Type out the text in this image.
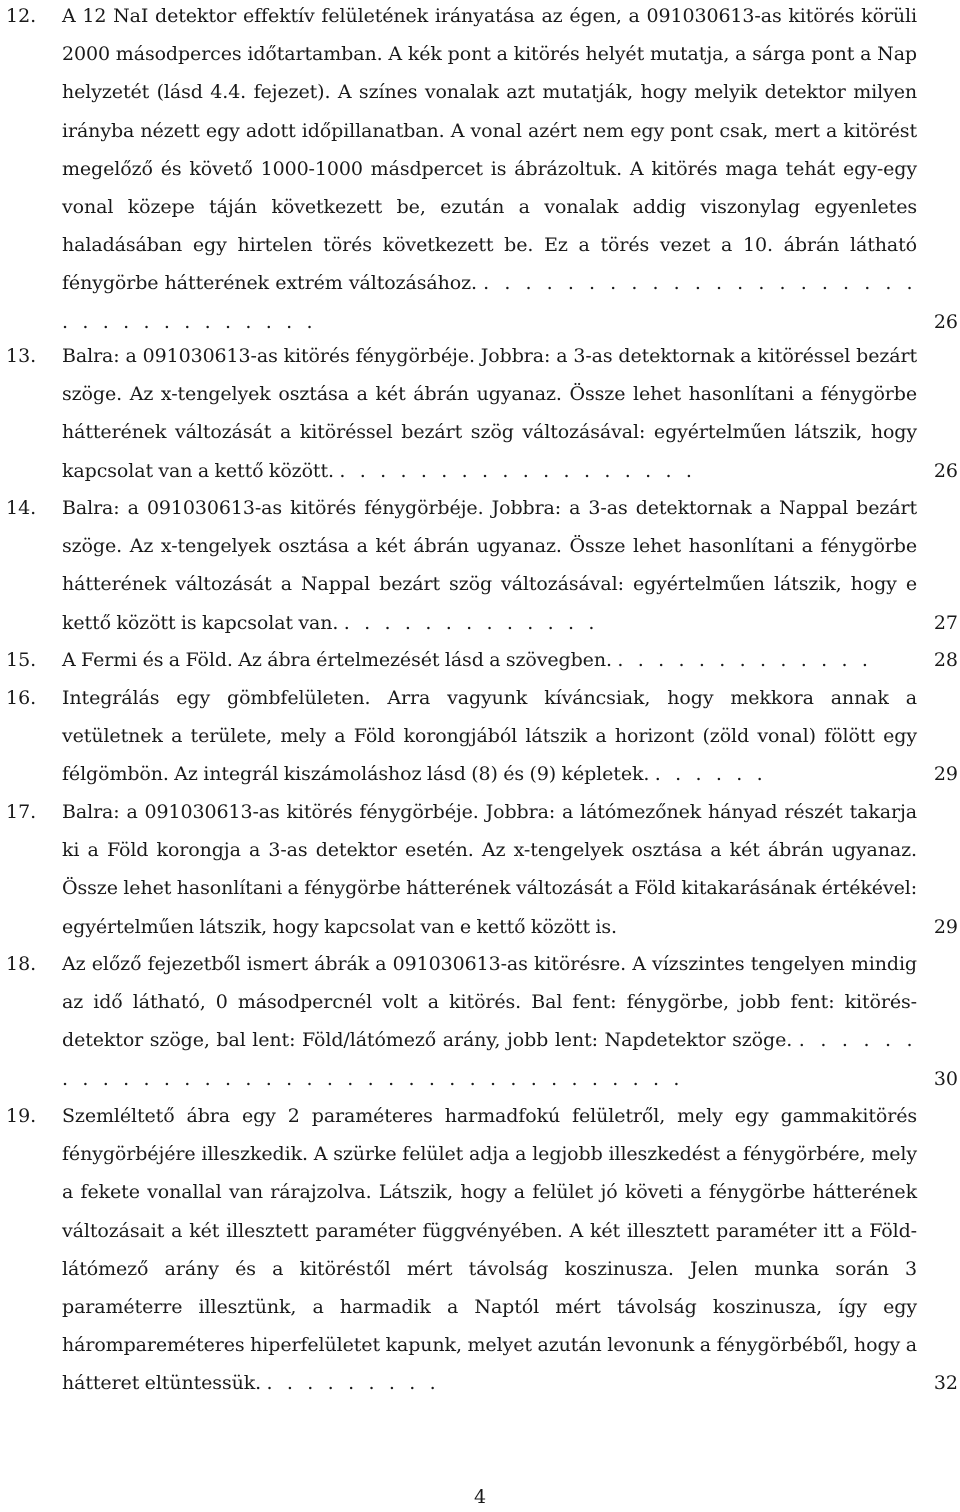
12.	A 12 NaI detektor effektív felületének irányatása az égen, a 091030613-as kitörés körüli 2000 másodperces időtartamban. A kék pont a kitörés helyét mutatja, a sárga pont a Nap helyzetét (lásd 4.4. fejezet). A színes vonalak azt mutatják, hogy melyik detektor milyen irányba nézett egy adott időpillanatban. A vonal azért nem egy pont csak, mert a kitörést megelőző és követő 1000-1000 másdpercet is ábrázoltuk. A kitörés maga tehát egy-egy vonal közepe táján következett be, ezután a vonalak addig viszonylag egyenletes haladásában egy hirtelen törés következett be. Ez a törés vezet a 10. ábrán látható fénygörbe hátterének extrém változásához. . . . . . . . . . . . . . . . . . . . . . . . . . . . . . . . . . .	26
13.	Balra: a 091030613-as kitörés fénygörbéje. Jobbra: a 3-as detektornak a kitöréssel bezárt szöge. Az x-tengelyek osztása a két ábrán ugyanaz. Össze lehet hasonlítani a fénygörbe hátterének változását a kitöréssel bezárt szög változásával: egyértelműen látszik, hogy kapcsolat van a kettő között. . . . . . . . . . . . . . . . . . .	26
14.	Balra: a 091030613-as kitörés fénygörbéje. Jobbra: a 3-as detektornak a Nappal bezárt szöge. Az x-tengelyek osztása a két ábrán ugyanaz. Össze lehet hasonlítani a fénygörbe hátterének változását a Nappal bezárt szög változásával: egyértelműen látszik, hogy e kettő között is kapcsolat van. . . . . . . . . . . . . .	27
15.	A Fermi és a Föld. Az ábra értelmezését lásd a szövegben. . . . . . . . . . . . . .	28
16.	Integrálás egy gömbfelületen. Arra vagyunk kíváncsiak, hogy mekkora annak a vetületnek a területe, mely a Föld korongjából látszik a horizont (zöld vonal) fölött egy félgömbön. Az integrál kiszámoláshoz lásd (8) és (9) képletek. . . . . . .	29
17.	Balra: a 091030613-as kitörés fénygörbéje. Jobbra: a látómezőnek hányad részét takarja ki a Föld korongja a 3-as detektor esetén. Az x-tengelyek osztása a két ábrán ugyanaz. Össze lehet hasonlítani a fénygörbe hátterének változását a Föld kitakarásának értékével: egyértelműen látszik, hogy kapcsolat van e kettő között is.	29
18.	Az előző fejezetből ismert ábrák a 091030613-as kitörésre. A vízszintes tengelyen mindig az idő látható, 0 másodpercnél volt a kitörés. Bal fent: fénygörbe, jobb fent: kitörés-detektor szöge, bal lent: Föld/látómező arány, jobb lent: Napdetektor szöge. . . . . . . . . . . . . . . . . . . . . . . . . . . . . . . . . . . . . .	30
19.	Szemléltető ábra egy 2 paraméteres harmadfokú felületről, mely egy gammakitörés fénygörbéjére illeszkedik. A szürke felület adja a legjobb illeszkedést a fénygörbére, mely a fekete vonallal van rárajzolva. Látszik, hogy a felület jó követi a fénygörbe hátterének változásait a két illesztett paraméter függvényében. A két illesztett paraméter itt a Föld-látómező arány és a kitöréstől mért távolság koszinusza. Jelen munka során 3 paraméterre illesztünk, a harmadik a Naptól mért távolság koszinusza, így egy hárompareméteres hiperfelületet kapunk, melyet azután levonunk a fénygörbéből, hogy a hátteret eltüntessük. . . . . . . . . .	32
4
